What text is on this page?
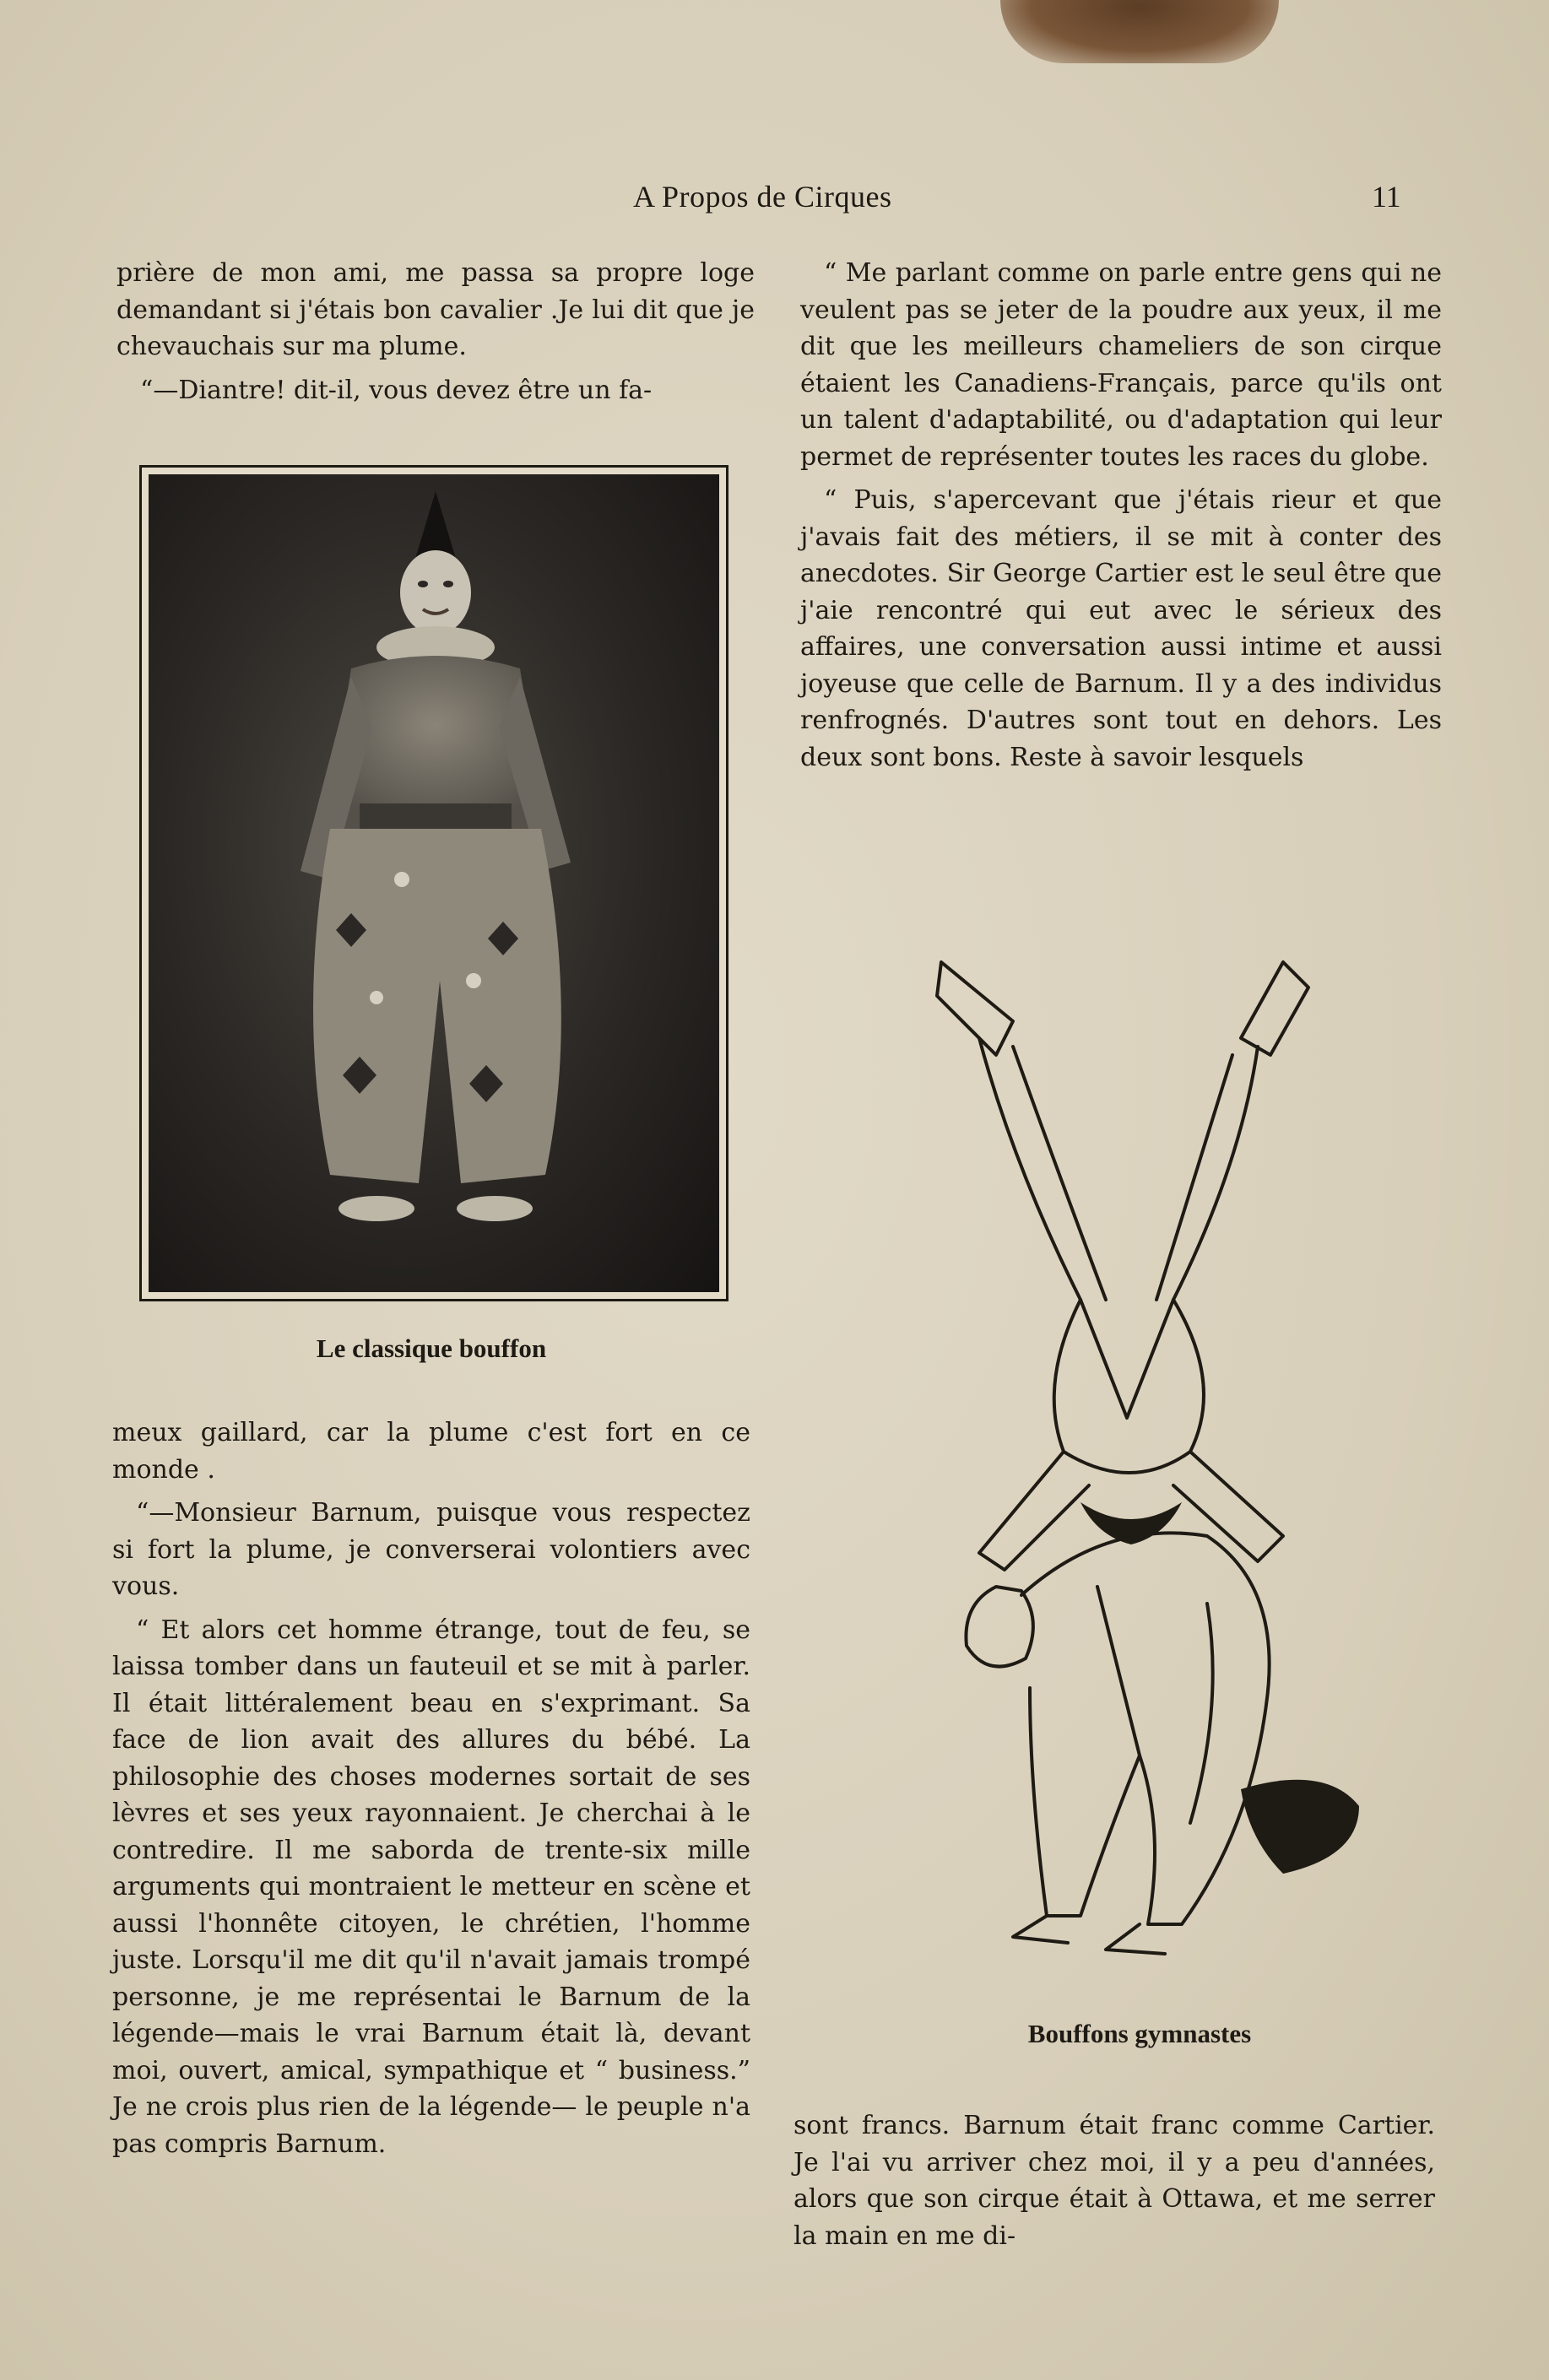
A Propos de Cirques	11

prière de mon ami, me passa sa propre loge demandant si j'étais bon cavalier .Je lui dit que je chevauchais sur ma plume.

“—Diantre! dit-il, vous devez être un fa-

Le classique bouffon

meux gaillard, car la plume c'est fort en ce monde .

“—Monsieur Barnum, puisque vous respectez si fort la plume, je converserai volontiers avec vous.

“ Et alors cet homme étrange, tout de feu, se laissa tomber dans un fauteuil et se mit à parler. Il était littéralement beau en s'exprimant. Sa face de lion avait des allures du bébé. La philosophie des choses modernes sortait de ses lèvres et ses yeux rayonnaient. Je cherchai à le contredire. Il me saborda de trente-six mille arguments qui montraient le metteur en scène et aussi l'honnête citoyen, le chrétien, l'homme juste. Lorsqu'il me dit qu'il n'avait jamais trompé personne, je me représentai le Barnum de la légende—mais le vrai Barnum était là, devant moi, ouvert, amical, sympathique et “ business.” Je ne crois plus rien de la légende— le peuple n'a pas compris Barnum.

“ Me parlant comme on parle entre gens qui ne veulent pas se jeter de la poudre aux yeux, il me dit que les meilleurs chameliers de son cirque étaient les Canadiens-Français, parce qu'ils ont un talent d'adaptabilité, ou d'adaptation qui leur permet de représenter toutes les races du globe.

“ Puis, s'apercevant que j'étais rieur et que j'avais fait des métiers, il se mit à conter des anecdotes. Sir George Cartier est le seul être que j'aie rencontré qui eut avec le sérieux des affaires, une conversation aussi intime et aussi joyeuse que celle de Barnum. Il y a des individus renfrognés. D'autres sont tout en dehors. Les deux sont bons. Reste à savoir lesquels

Bouffons gymnastes

sont francs. Barnum était franc comme Cartier. Je l'ai vu arriver chez moi, il y a peu d'années, alors que son cirque était à Ottawa, et me serrer la main en me di-
